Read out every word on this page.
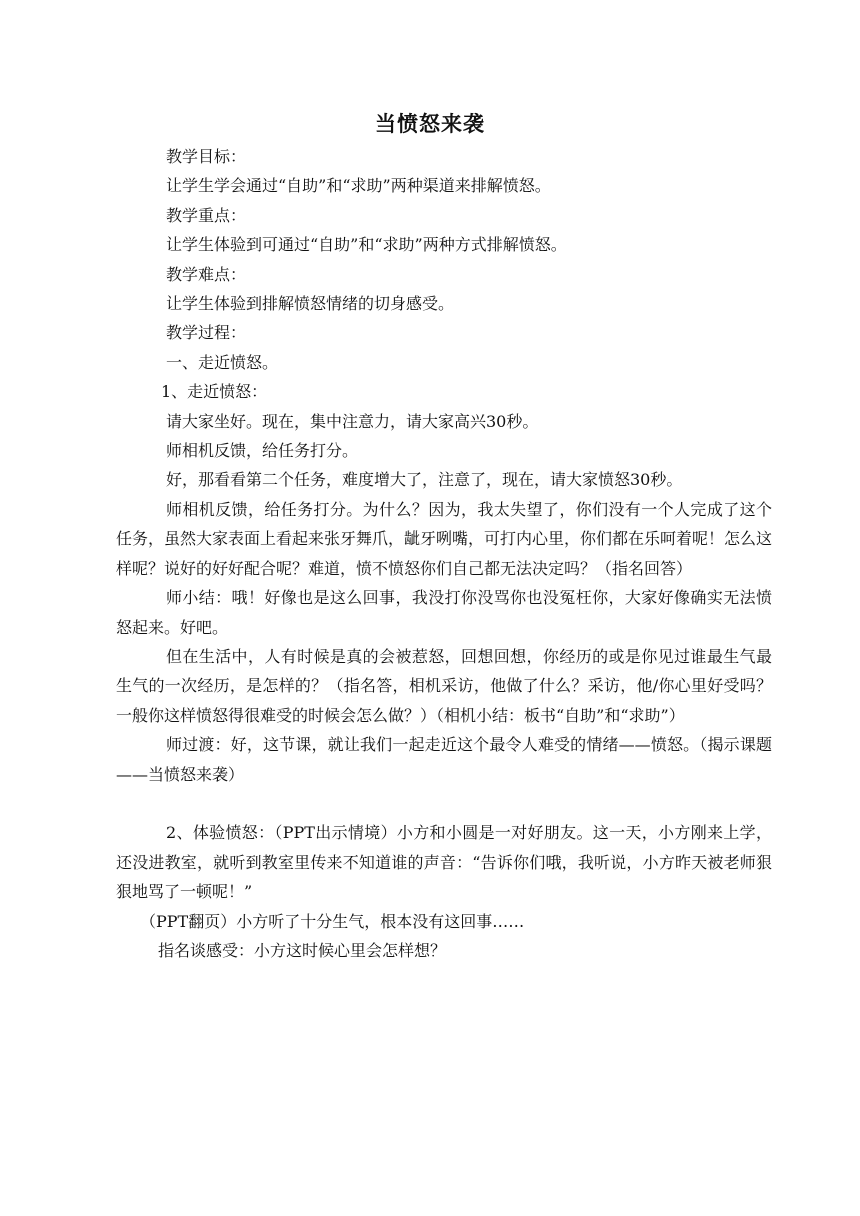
当愤怒来袭

教学目标：

让学生学会通过“自助”和“求助”两种渠道来排解愤怒。

教学重点：

让学生体验到可通过“自助”和“求助”两种方式排解愤怒。

教学难点：

让学生体验到排解愤怒情绪的切身感受。

教学过程：

一、走近愤怒。

1、走近愤怒：

请大家坐好。现在，集中注意力，请大家高兴30秒。

师相机反馈，给任务打分。

好，那看看第二个任务，难度增大了，注意了，现在，请大家愤怒30秒。

师相机反馈，给任务打分。为什么？因为，我太失望了，你们没有一个人完成了这个任务，虽然大家表面上看起来张牙舞爪，龇牙咧嘴，可打内心里，你们都在乐呵着呢！怎么这样呢？说好的好好配合呢？难道，愤不愤怒你们自己都无法决定吗？（指名回答）

师小结：哦！好像也是这么回事，我没打你没骂你也没冤枉你，大家好像确实无法愤怒起来。好吧。

但在生活中，人有时候是真的会被惹怒，回想回想，你经历的或是你见过谁最生气最生气的一次经历，是怎样的？（指名答，相机采访，他做了什么？采访，他/你心里好受吗？一般你这样愤怒得很难受的时候会怎么做？）（相机小结：板书“自助”和“求助”）

师过渡：好，这节课，就让我们一起走近这个最令人难受的情绪——愤怒。（揭示课题——当愤怒来袭）

2、体验愤怒：（PPT出示情境）小方和小圆是一对好朋友。这一天，小方刚来上学，还没进教室，就听到教室里传来不知道谁的声音：“告诉你们哦，我听说，小方昨天被老师狠狠地骂了一顿呢！”

（PPT翻页）小方听了十分生气，根本没有这回事……

指名谈感受：小方这时候心里会怎样想？
